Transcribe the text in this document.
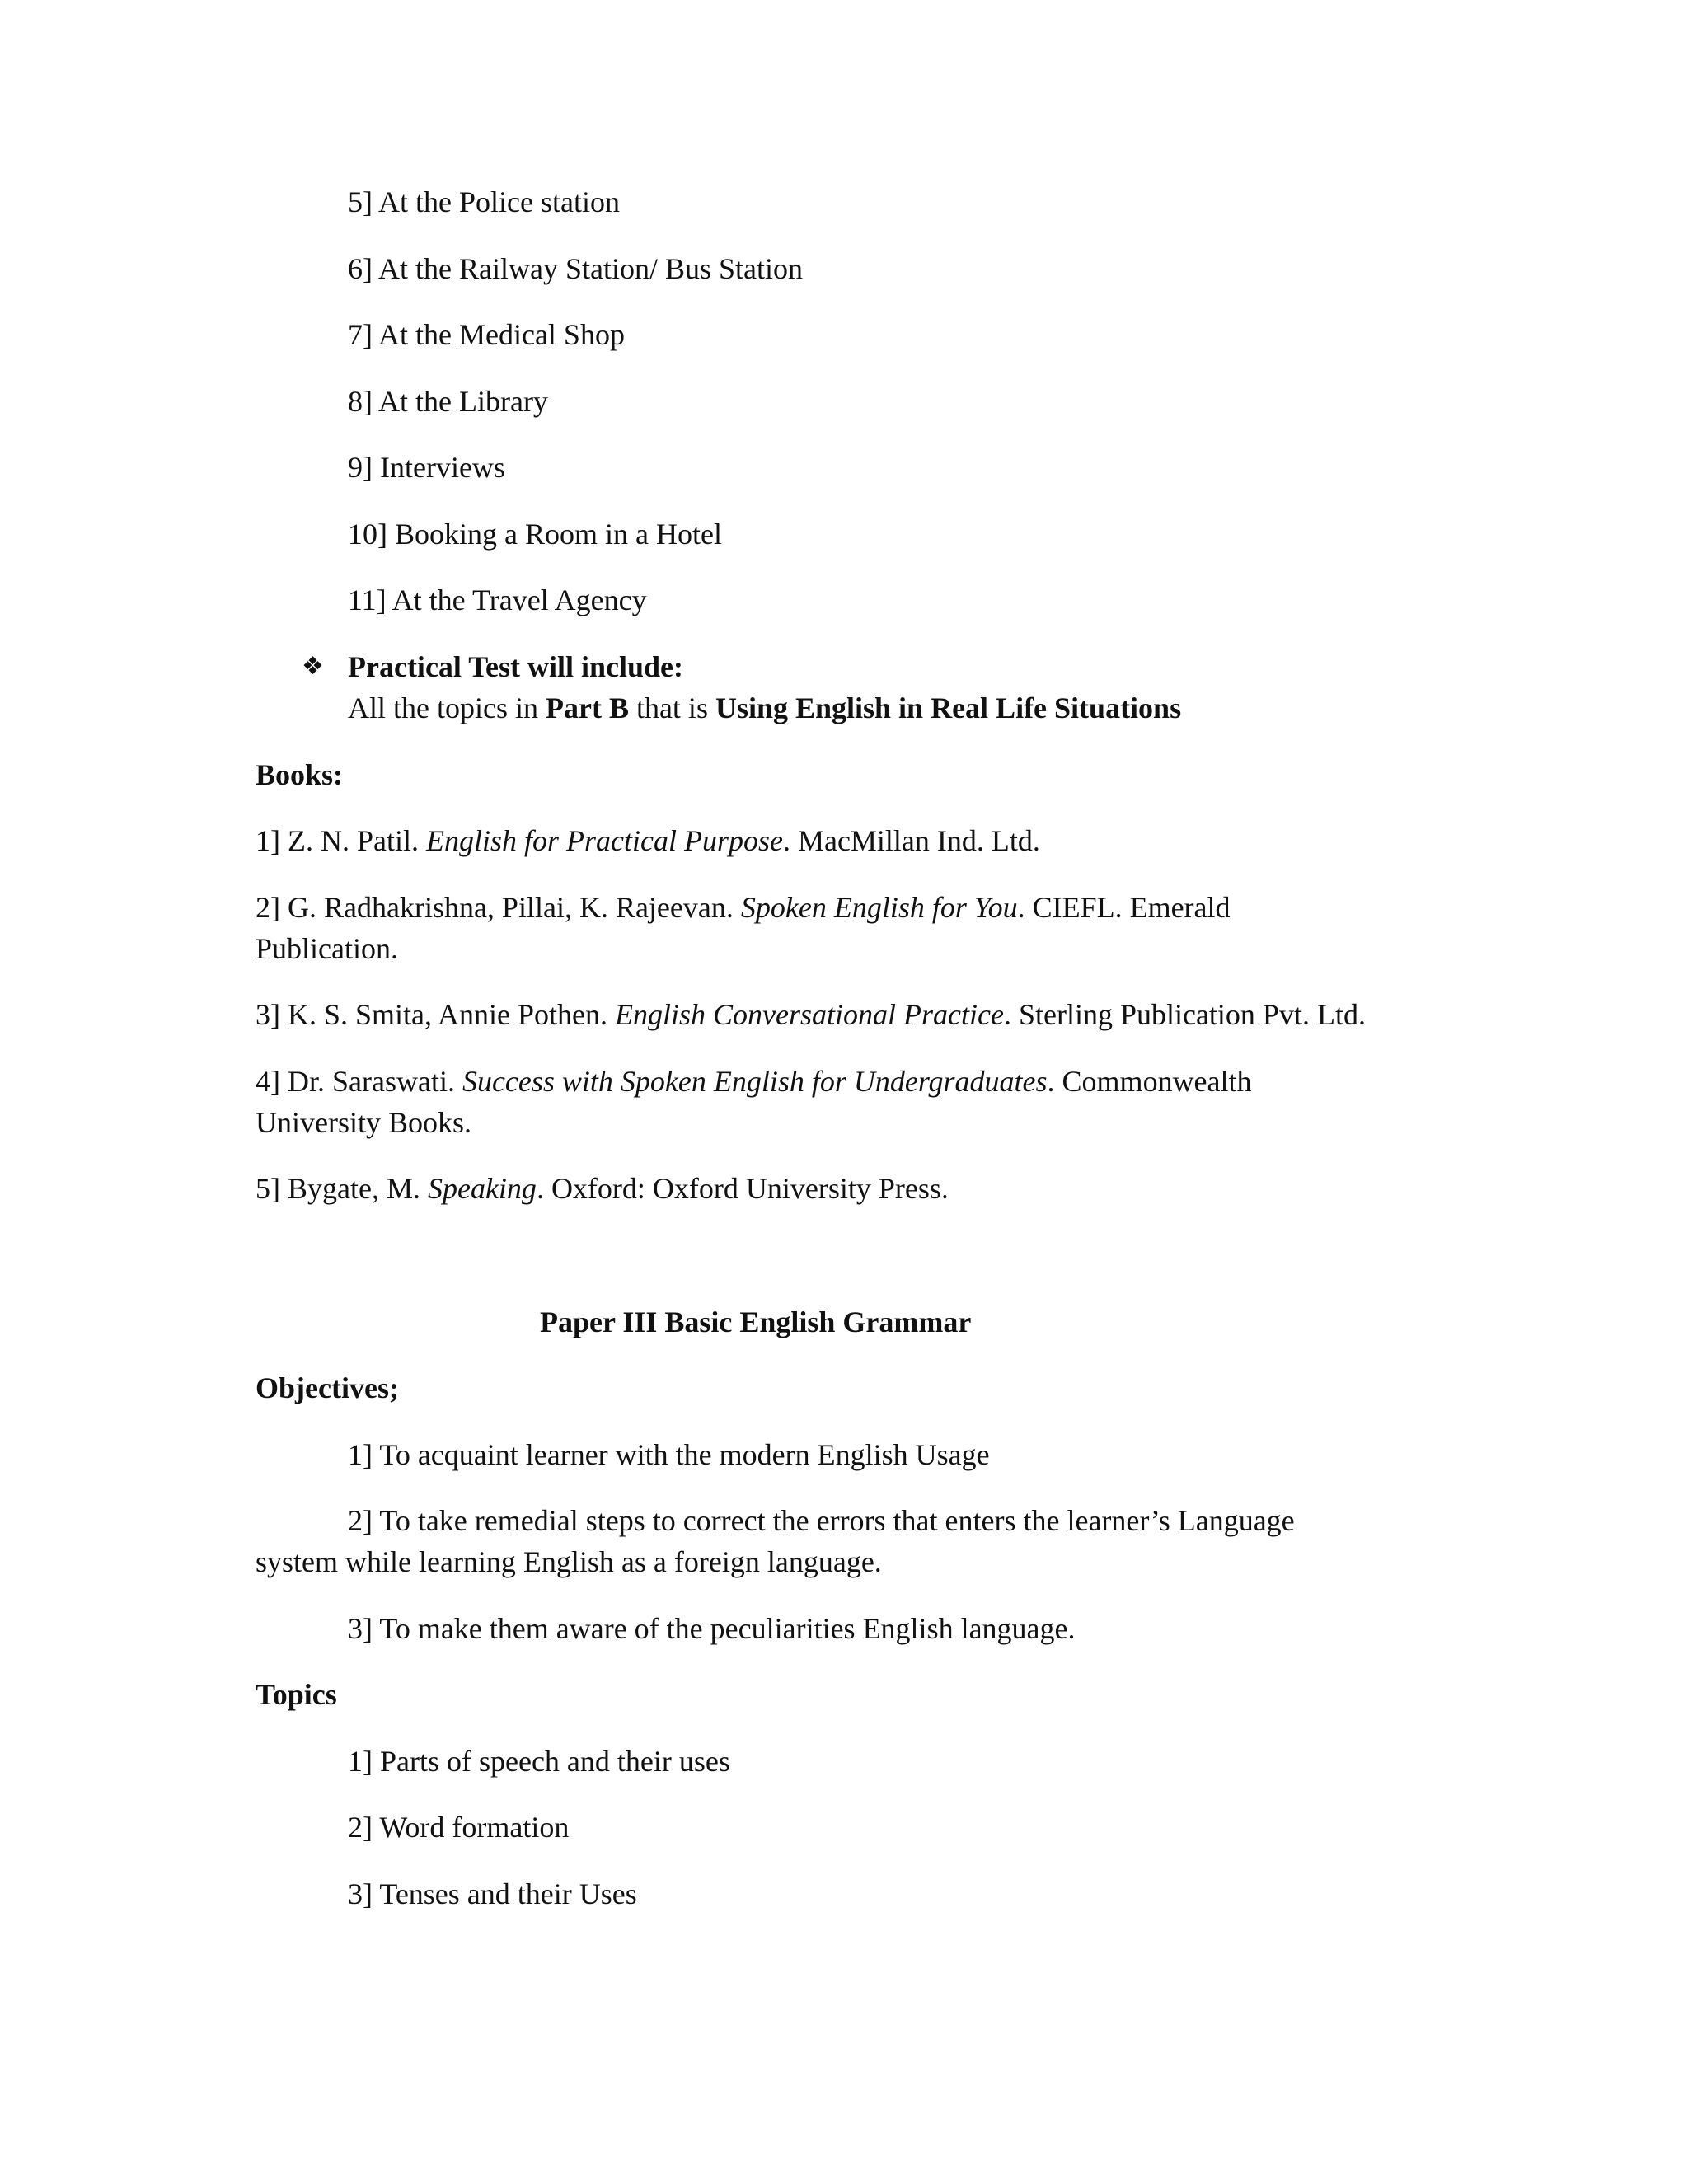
5] At the Police station
6] At the Railway Station/ Bus Station
7] At the Medical Shop
8] At the Library
9] Interviews
10] Booking a Room in a Hotel
11] At the Travel Agency
❖ Practical Test will include:
All the topics in Part B that is Using English in Real Life Situations
Books:
1] Z. N. Patil. English for Practical Purpose. MacMillan Ind. Ltd.
2] G. Radhakrishna, Pillai, K. Rajeevan. Spoken English for You. CIEFL. Emerald
Publication.
3] K. S. Smita, Annie Pothen. English Conversational Practice. Sterling Publication Pvt. Ltd.
4] Dr. Saraswati. Success with Spoken English for Undergraduates. Commonwealth
University Books.
5] Bygate, M. Speaking. Oxford: Oxford University Press.
Paper III Basic English Grammar
Objectives;
1] To acquaint learner with the modern English Usage
2] To take remedial steps to correct the errors that enters the learner’s Language
system while learning English as a foreign language.
3] To make them aware of the peculiarities English language.
Topics
1] Parts of speech and their uses
2] Word formation
3] Tenses and their Uses
